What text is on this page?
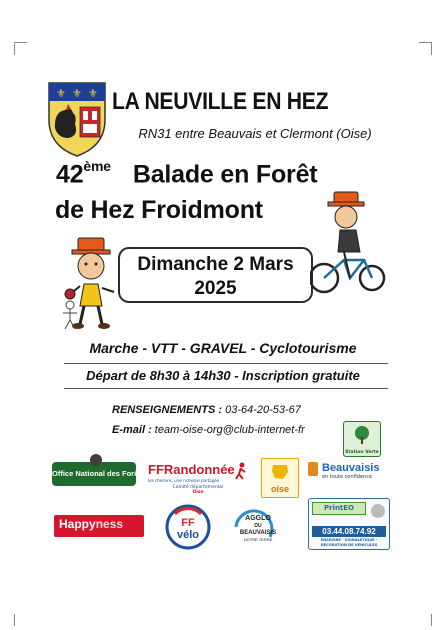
⚜ ⚜ ⚜ LA NEUVILLE EN HEZ
RN31 entre Beauvais et Clermont (Oise)
42ème Balade en Forêt
de Hez Froidmont
Dimanche 2 Mars
2025
Marche - VTT - GRAVEL - Cyclotourisme
Départ de 8h30 à 14h30 - Inscription gratuite
RENSEIGNEMENTS : 03-64-20-53-67
E-mail : team-oise-org@club-internet-fr
Station Verte
Office National des Forêts FFRandonnée
les chemins, une richesse partagée
Comité départemental
Oise	oise
Beauvaisis
en toute confidence
Happyness
Le Hebdo de l'Oise
FF
vélo
AGGLO
DU
BEAUVAISIS
NOTRE TERRE
PrintEO
03.44.08.74.92
ENSEIGNE - SIGNALETIQUE - DECORATION DE VEHICULES
